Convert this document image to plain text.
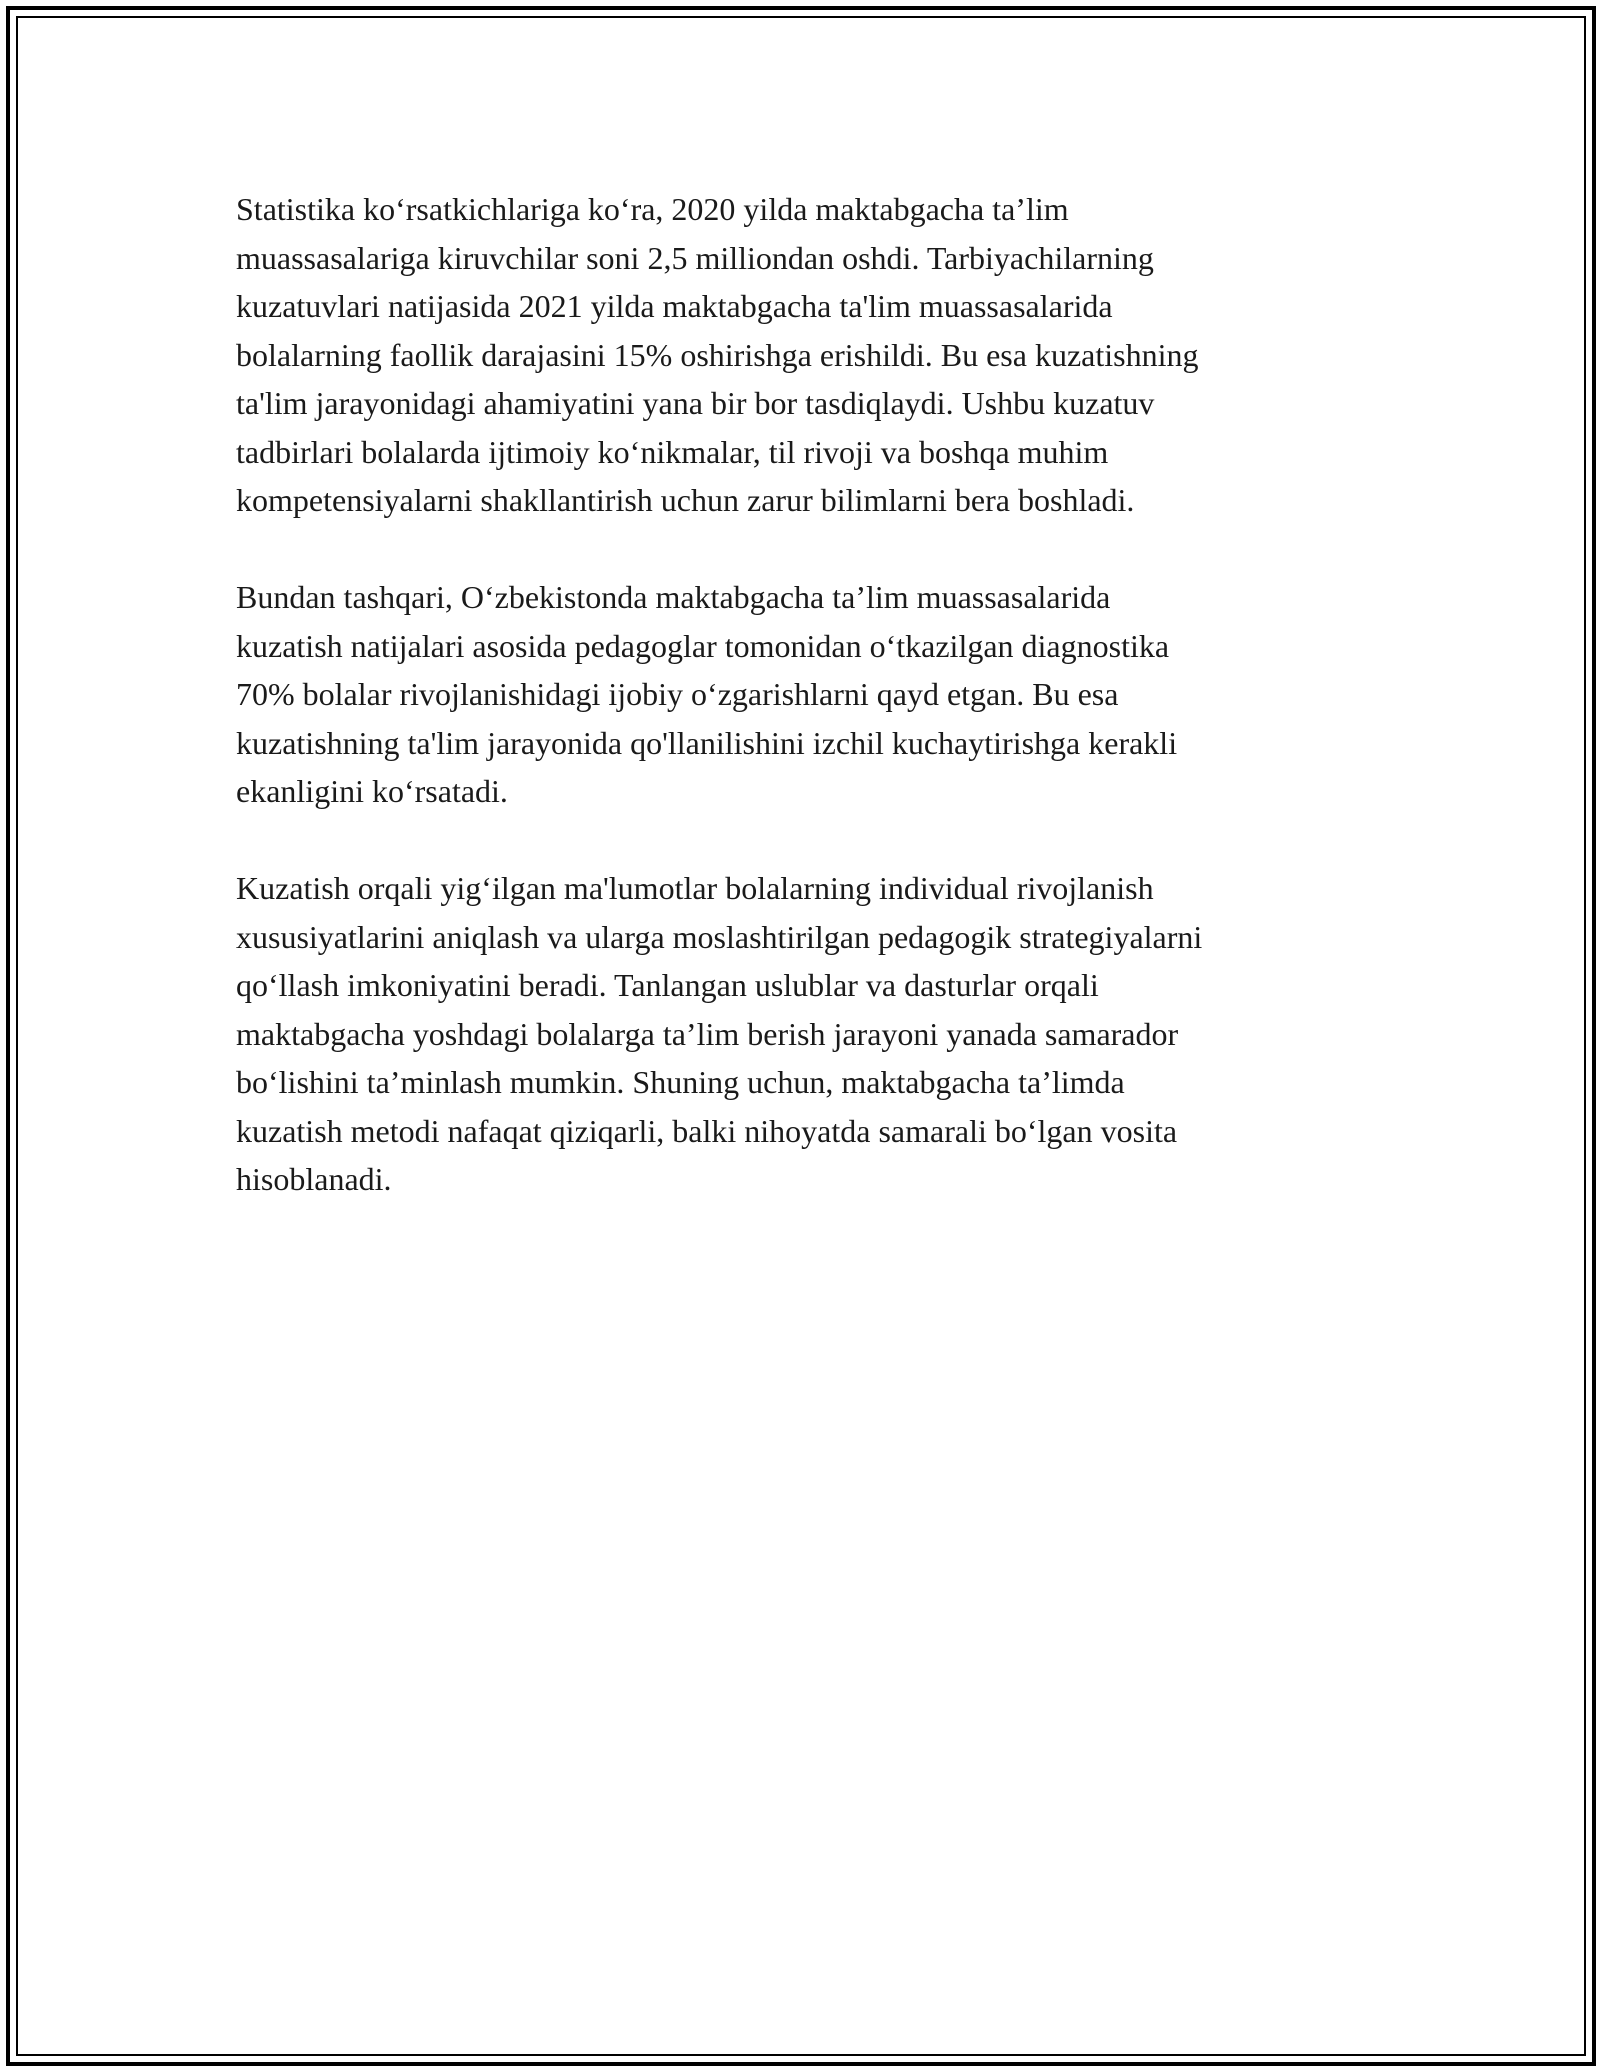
Statistika ko‘rsatkichlariga ko‘ra, 2020 yilda maktabgacha ta’lim
muassasalariga kiruvchilar soni 2,5 milliondan oshdi. Tarbiyachilarning
kuzatuvlari natijasida 2021 yilda maktabgacha ta'lim muassasalarida
bolalarning faollik darajasini 15% oshirishga erishildi. Bu esa kuzatishning
ta'lim jarayonidagi ahamiyatini yana bir bor tasdiqlaydi. Ushbu kuzatuv
tadbirlari bolalarda ijtimoiy ko‘nikmalar, til rivoji va boshqa muhim
kompetensiyalarni shakllantirish uchun zarur bilimlarni bera boshladi.

Bundan tashqari, O‘zbekistonda maktabgacha ta’lim muassasalarida
kuzatish natijalari asosida pedagoglar tomonidan o‘tkazilgan diagnostika
70% bolalar rivojlanishidagi ijobiy o‘zgarishlarni qayd etgan. Bu esa
kuzatishning ta'lim jarayonida qo'llanilishini izchil kuchaytirishga kerakli
ekanligini ko‘rsatadi.

Kuzatish orqali yig‘ilgan ma'lumotlar bolalarning individual rivojlanish
xususiyatlarini aniqlash va ularga moslashtirilgan pedagogik strategiyalarni
qo‘llash imkoniyatini beradi. Tanlangan uslublar va dasturlar orqali
maktabgacha yoshdagi bolalarga ta’lim berish jarayoni yanada samarador
bo‘lishini ta’minlash mumkin. Shuning uchun, maktabgacha ta’limda
kuzatish metodi nafaqat qiziqarli, balki nihoyatda samarali bo‘lgan vosita
hisoblanadi.
